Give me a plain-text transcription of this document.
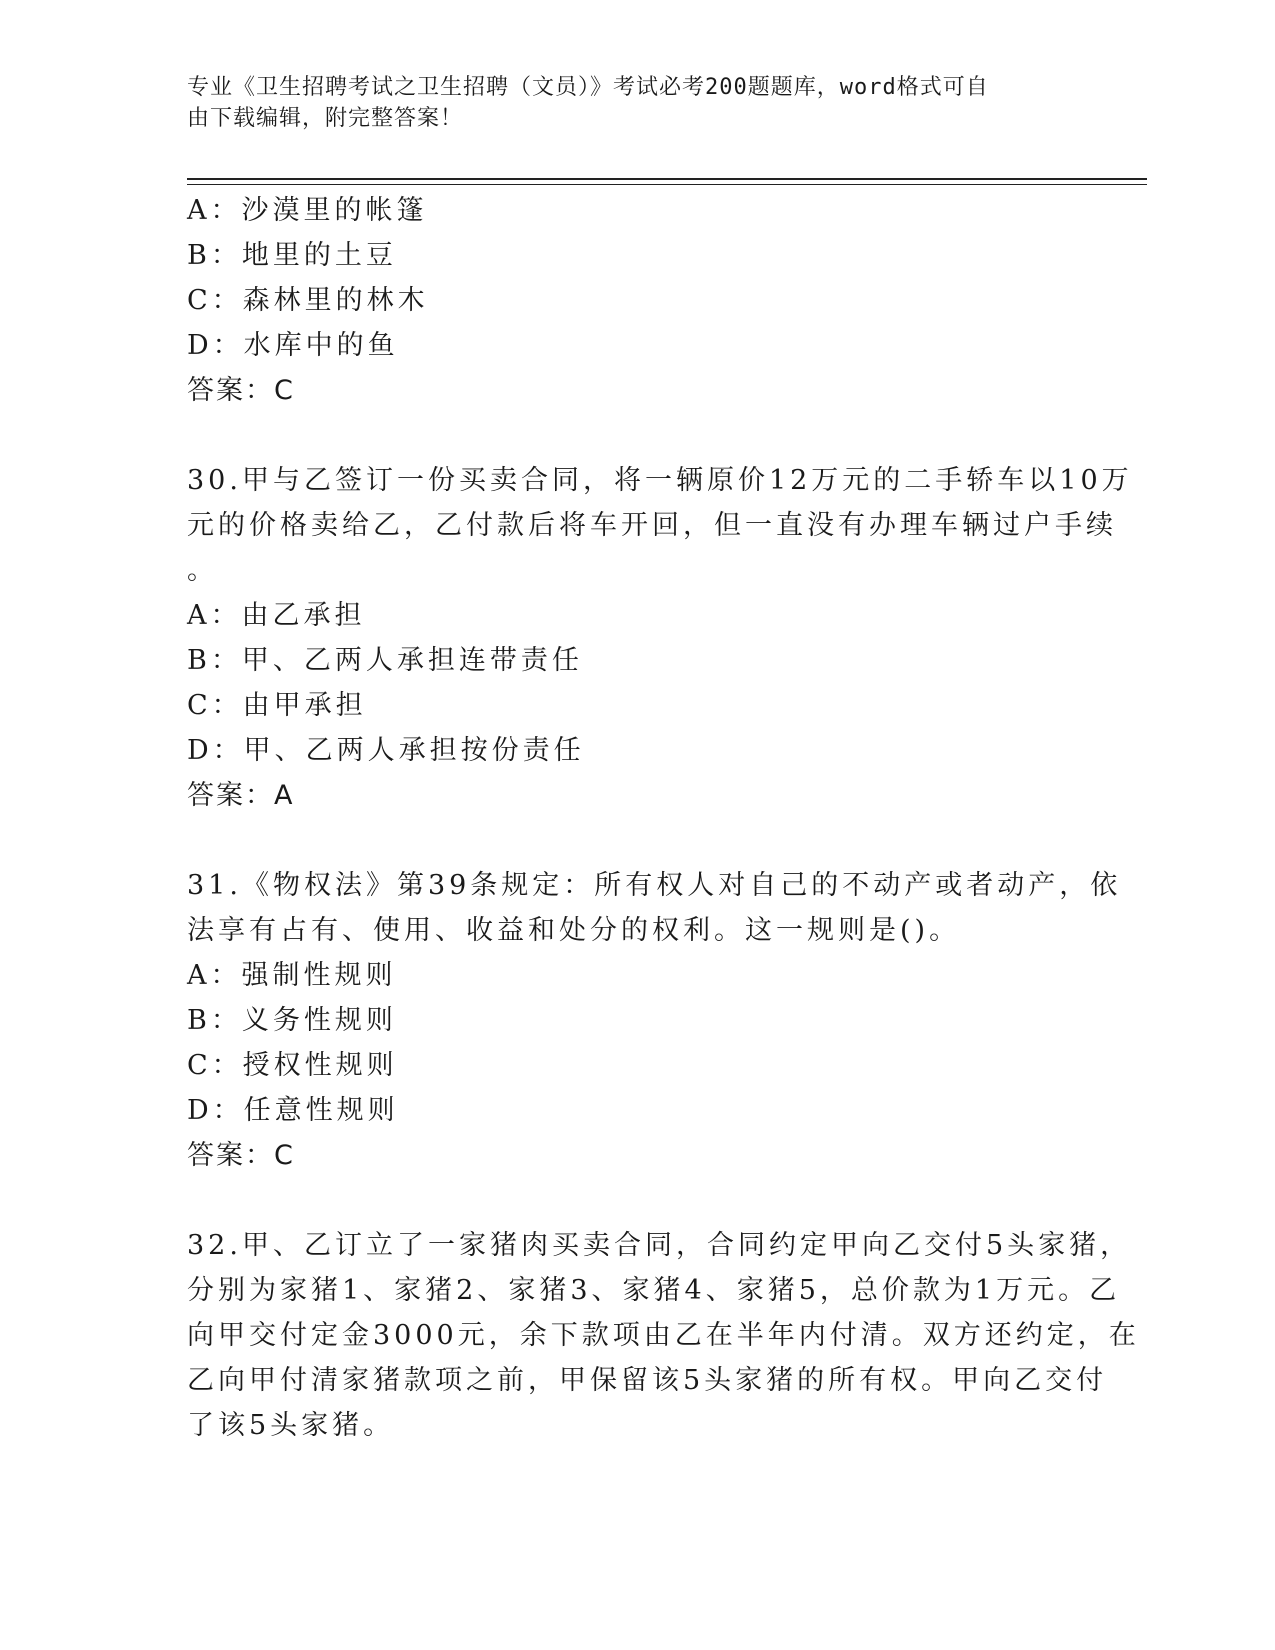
专业《卫生招聘考试之卫生招聘（文员）》考试必考200题题库，word格式可自
由下载编辑，附完整答案！
A：沙漠里的帐篷
B：地里的土豆
C：森林里的林木
D：水库中的鱼
答案：C
30.甲与乙签订一份买卖合同，将一辆原价12万元的二手轿车以10万
元的价格卖给乙，乙付款后将车开回，但一直没有办理车辆过户手续
。
A：由乙承担
B：甲、乙两人承担连带责任
C：由甲承担
D：甲、乙两人承担按份责任
答案：A
31.《物权法》第39条规定：所有权人对自己的不动产或者动产，依
法享有占有、使用、收益和处分的权利。这一规则是()。
A：强制性规则
B：义务性规则
C：授权性规则
D：任意性规则
答案：C
32.甲、乙订立了一家猪肉买卖合同，合同约定甲向乙交付5头家猪，
分别为家猪1、家猪2、家猪3、家猪4、家猪5，总价款为1万元。乙
向甲交付定金3000元，余下款项由乙在半年内付清。双方还约定，在
乙向甲付清家猪款项之前，甲保留该5头家猪的所有权。甲向乙交付
了该5头家猪。
